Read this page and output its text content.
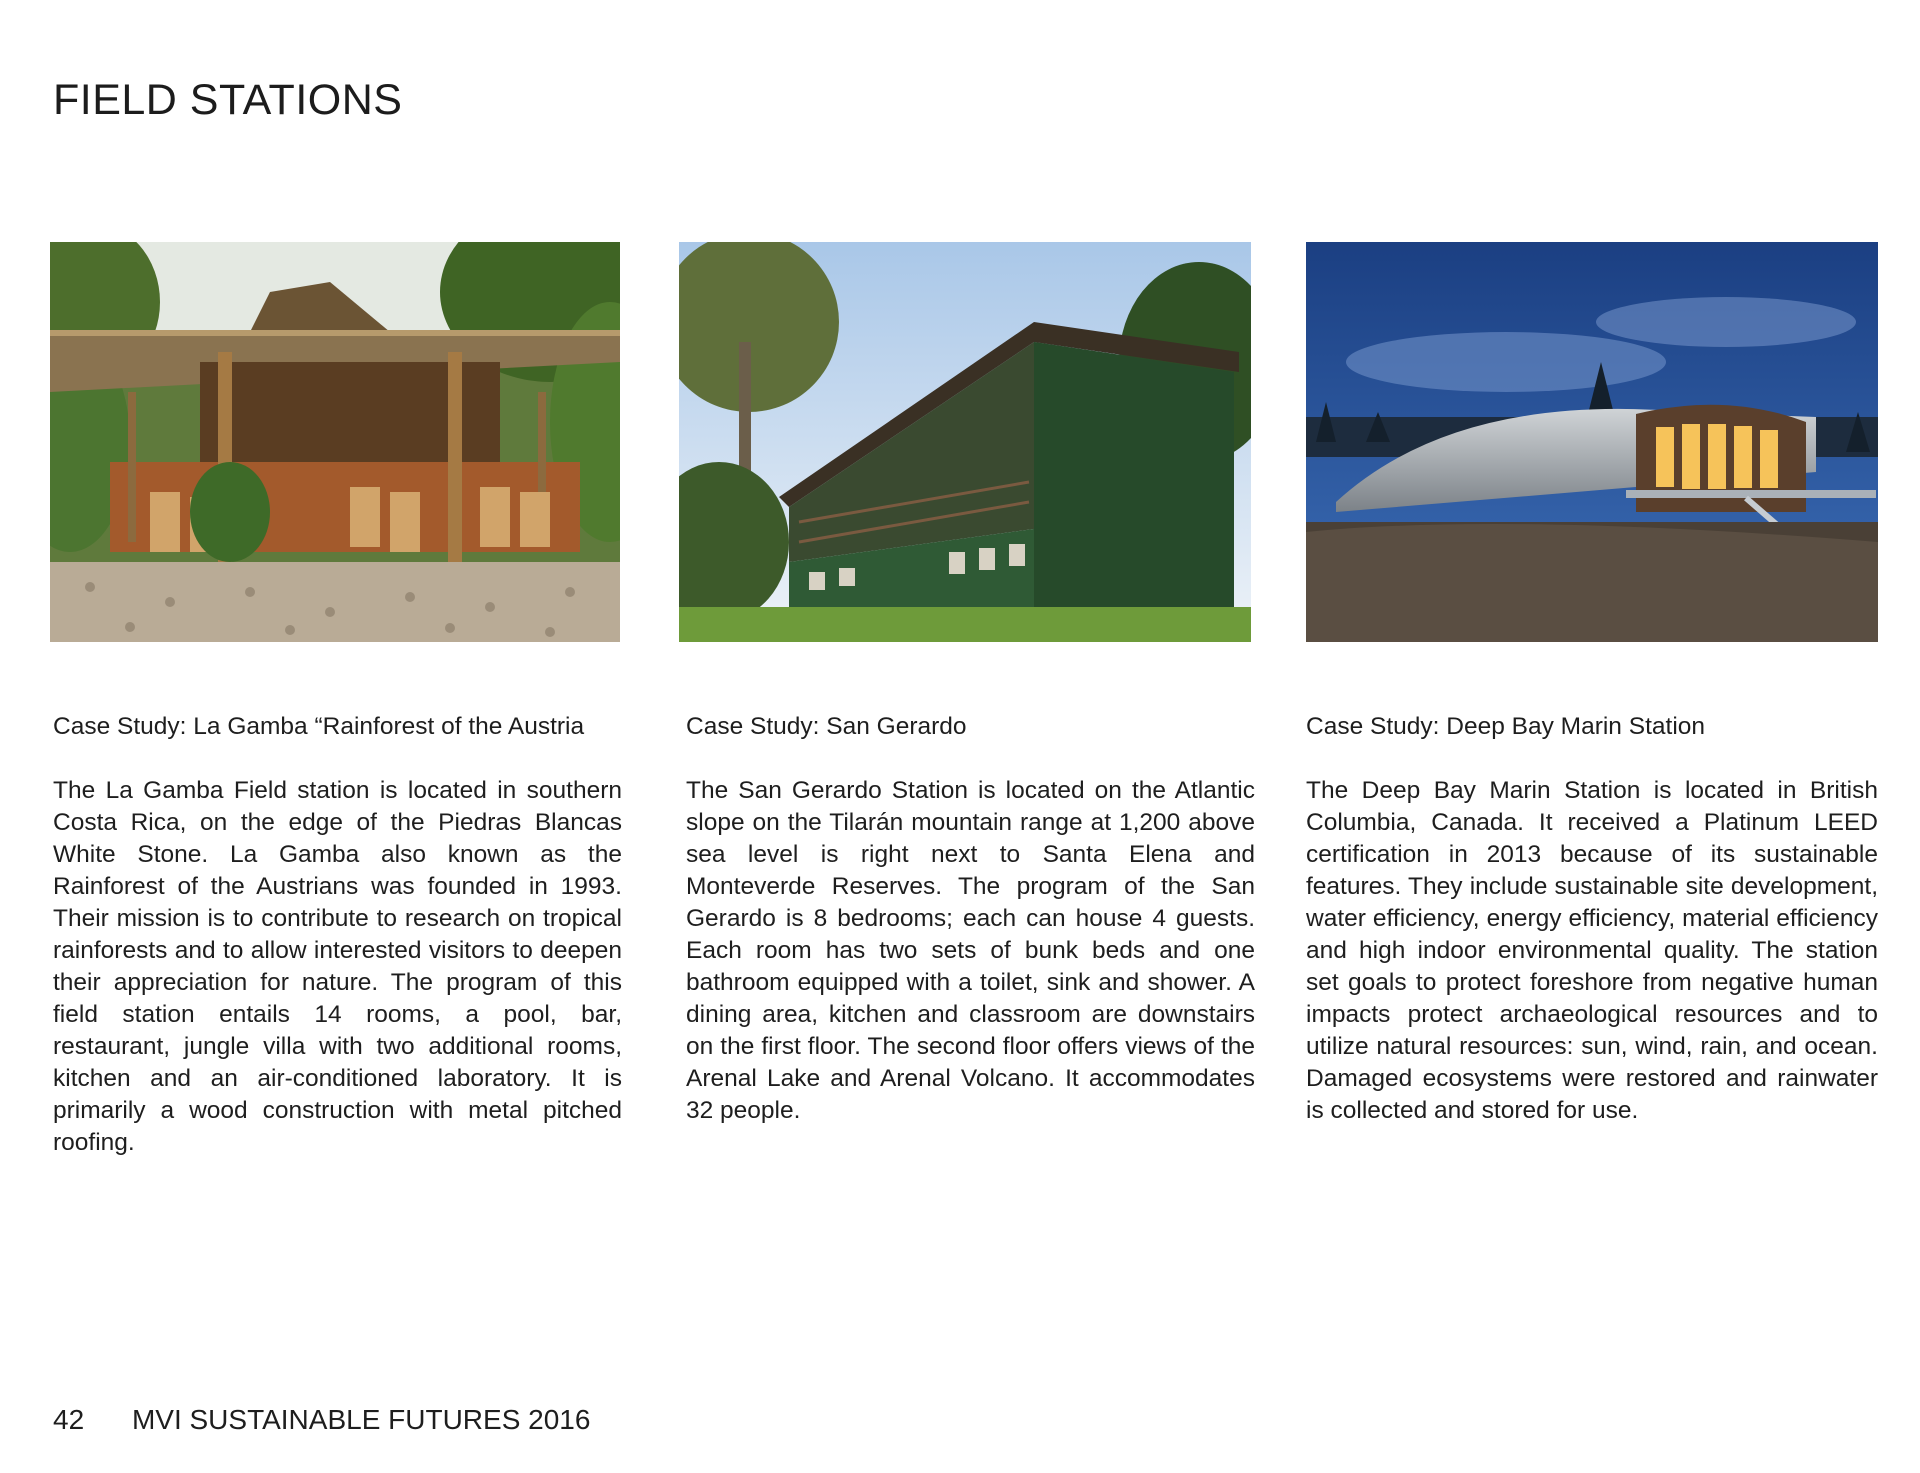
FIELD STATIONS

Case Study: La Gamba “Rainforest of the Austria

The La Gamba Field station is located in southern Costa Rica, on the edge of the Piedras Blancas White Stone. La Gamba also known as the Rainforest of the Austrians was founded in 1993. Their mission is to contribute to research on tropical rainforests and to allow interested visitors to deepen their appreciation for nature. The program of this field station entails 14 rooms, a pool, bar, restaurant, jungle villa with two additional rooms, kitchen and an air-conditioned laboratory. It is primarily a wood construction with metal pitched roofing.

Case Study: San Gerardo

The San Gerardo Station is located on the Atlantic slope on the Tilarán mountain range at 1,200 above sea level is right next to Santa Elena and Monteverde Reserves. The program of the San Gerardo is 8 bedrooms; each can house 4 guests. Each room has two sets of bunk beds and one bathroom equipped with a toilet, sink and shower. A dining area, kitchen and classroom are downstairs on the first floor. The second floor offers views of the Arenal Lake and Arenal Volcano. It accommodates 32 people.

Case Study: Deep Bay Marin Station

The Deep Bay Marin Station is located in British Columbia, Canada. It received a Platinum LEED certification in 2013 because of its sustainable features. They include sustainable site development, water efficiency, energy efficiency, material efficiency and high indoor environmental quality. The station set goals to protect foreshore from negative human impacts protect archaeological resources and to utilize natural resources: sun, wind, rain, and ocean. Damaged ecosystems were restored and rainwater is collected and stored for use.

42 MVI SUSTAINABLE FUTURES 2016
